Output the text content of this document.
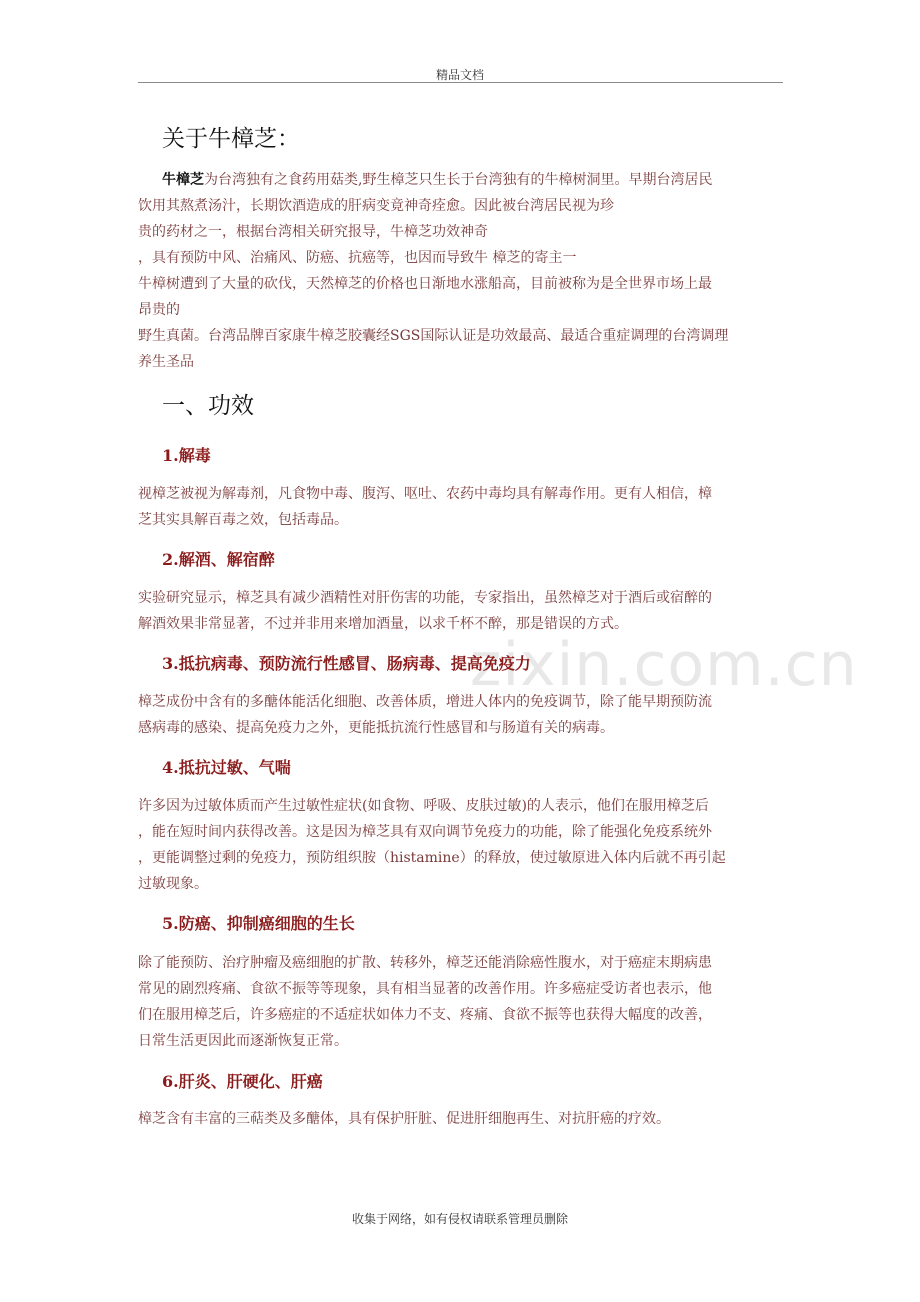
精品文档
zixin.com.cn
关于牛樟芝：
牛樟芝为台湾独有之食药用菇类,野生樟芝只生长于台湾独有的牛樟树洞里。早期台湾居民
饮用其熬煮汤汁，长期饮酒造成的肝病变竟神奇痊愈。因此被台湾居民视为珍
贵的药材之一，根据台湾相关研究报导，牛樟芝功效神奇
，具有预防中风、治痛风、防癌、抗癌等，也因而导致牛 樟芝的寄主一
牛樟树遭到了大量的砍伐，天然樟芝的价格也日渐地水涨船高，目前被称为是全世界市场上最
昂贵的
野生真菌。台湾品牌百家康牛樟芝胶囊经SGS国际认证是功效最高、最适合重症调理的台湾调理
养生圣品
一、功效
1.解毒
视樟芝被视为解毒剂，凡食物中毒、腹泻、呕吐、农药中毒均具有解毒作用。更有人相信，樟
芝其实具解百毒之效，包括毒品。
2.解酒、解宿醉
实验研究显示，樟芝具有减少酒精性对肝伤害的功能，专家指出，虽然樟芝对于酒后或宿醉的
解酒效果非常显著，不过并非用来增加酒量，以求千杯不醉，那是错误的方式。
3.抵抗病毒、预防流行性感冒、肠病毒、提高免疫力
樟芝成份中含有的多醣体能活化细胞、改善体质，增进人体内的免疫调节，除了能早期预防流
感病毒的感染、提高免疫力之外，更能抵抗流行性感冒和与肠道有关的病毒。
4.抵抗过敏、气喘
许多因为过敏体质而产生过敏性症状(如食物、呼吸、皮肤过敏)的人表示，他们在服用樟芝后
，能在短时间内获得改善。这是因为樟芝具有双向调节免疫力的功能，除了能强化免疫系统外
，更能调整过剩的免疫力，预防组织胺（histamine）的释放，使过敏原进入体内后就不再引起
过敏现象。
5.防癌、抑制癌细胞的生长
除了能预防、治疗肿瘤及癌细胞的扩散、转移外，樟芝还能消除癌性腹水，对于癌症末期病患
常见的剧烈疼痛、食欲不振等等现象，具有相当显著的改善作用。许多癌症受访者也表示，他
们在服用樟芝后，许多癌症的不适症状如体力不支、疼痛、食欲不振等也获得大幅度的改善，
日常生活更因此而逐渐恢复正常。
6.肝炎、肝硬化、肝癌
樟芝含有丰富的三萜类及多醣体，具有保护肝脏、促进肝细胞再生、对抗肝癌的疗效。
收集于网络，如有侵权请联系管理员删除
